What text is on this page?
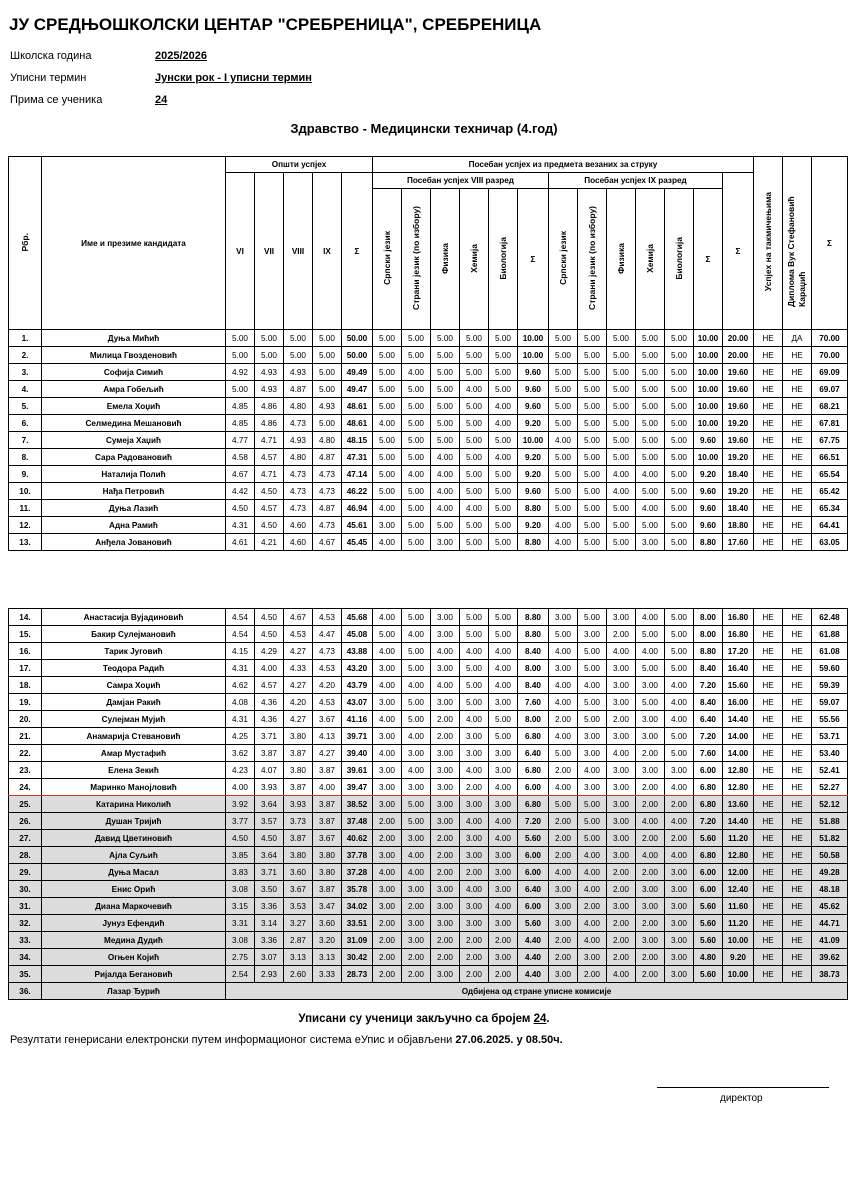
ЈУ СРЕДЊОШКОЛСКИ ЦЕНТАР "СРЕБРЕНИЦА", СРЕБРЕНИЦА
Школска година	2025/2026
Уписни термин	Јунски рок - I уписни термин
Прима се ученика	24
Здравство - Медицински техничар (4.год)
Рбр.	Име и презиме кандидата	Општи успјех					Посебан успјех из предмета везаних за струку													Успјех на такмичењима	Диплома Вук Стефановић Караџић	Σ
		VI	VII	VIII	IX	Σ	Посебан успјех VIII разред						Посебан успјех IX разред						Σ			
							Српски језик	Страни језик (по избору)	Физика	Хемија	Биологија	Σ	Српски језик	Страни језик (по избору)	Физика	Хемија	Биологија	Σ				
1.	Дуња Мићић	5.00	5.00	5.00	5.00	50.00	5.00	5.00	5.00	5.00	5.00	10.00	5.00	5.00	5.00	5.00	5.00	10.00	20.00	НЕ	ДА	70.00
2.	Милица Гвозденовић	5.00	5.00	5.00	5.00	50.00	5.00	5.00	5.00	5.00	5.00	10.00	5.00	5.00	5.00	5.00	5.00	10.00	20.00	НЕ	НЕ	70.00
3.	Софија Симић	4.92	4.93	4.93	5.00	49.49	5.00	4.00	5.00	5.00	5.00	9.60	5.00	5.00	5.00	5.00	5.00	10.00	19.60	НЕ	НЕ	69.09
4.	Амра Гобељић	5.00	4.93	4.87	5.00	49.47	5.00	5.00	5.00	4.00	5.00	9.60	5.00	5.00	5.00	5.00	5.00	10.00	19.60	НЕ	НЕ	69.07
5.	Емела Хоџић	4.85	4.86	4.80	4.93	48.61	5.00	5.00	5.00	5.00	4.00	9.60	5.00	5.00	5.00	5.00	5.00	10.00	19.60	НЕ	НЕ	68.21
6.	Селмедина Мешановић	4.85	4.86	4.73	5.00	48.61	4.00	5.00	5.00	5.00	4.00	9.20	5.00	5.00	5.00	5.00	5.00	10.00	19.20	НЕ	НЕ	67.81
7.	Сумеја Хаџић	4.77	4.71	4.93	4.80	48.15	5.00	5.00	5.00	5.00	5.00	10.00	4.00	5.00	5.00	5.00	5.00	9.60	19.60	НЕ	НЕ	67.75
8.	Сара Радовановић	4.58	4.57	4.80	4.87	47.31	5.00	5.00	4.00	5.00	4.00	9.20	5.00	5.00	5.00	5.00	5.00	10.00	19.20	НЕ	НЕ	66.51
9.	Наталија Полић	4.67	4.71	4.73	4.73	47.14	5.00	4.00	4.00	5.00	5.00	9.20	5.00	5.00	4.00	4.00	5.00	9.20	18.40	НЕ	НЕ	65.54
10.	Нађа Петровић	4.42	4.50	4.73	4.73	46.22	5.00	5.00	4.00	5.00	5.00	9.60	5.00	5.00	4.00	5.00	5.00	9.60	19.20	НЕ	НЕ	65.42
11.	Дуња Лазић	4.50	4.57	4.73	4.87	46.94	4.00	5.00	4.00	4.00	5.00	8.80	5.00	5.00	5.00	4.00	5.00	9.60	18.40	НЕ	НЕ	65.34
12.	Адна Рамић	4.31	4.50	4.60	4.73	45.61	3.00	5.00	5.00	5.00	5.00	9.20	4.00	5.00	5.00	5.00	5.00	9.60	18.80	НЕ	НЕ	64.41
13.	Анђела Јовановић	4.61	4.21	4.60	4.67	45.45	4.00	5.00	3.00	5.00	5.00	8.80	4.00	5.00	5.00	3.00	5.00	8.80	17.60	НЕ	НЕ	63.05
14.	Анастасија Вујадиновић	4.54	4.50	4.67	4.53	45.68	4.00	5.00	3.00	5.00	5.00	8.80	3.00	5.00	3.00	4.00	5.00	8.00	16.80	НЕ	НЕ	62.48
15.	Бакир Сулејмановић	4.54	4.50	4.53	4.47	45.08	5.00	4.00	3.00	5.00	5.00	8.80	5.00	3.00	2.00	5.00	5.00	8.00	16.80	НЕ	НЕ	61.88
16.	Тарик Југовић	4.15	4.29	4.27	4.73	43.88	4.00	5.00	4.00	4.00	4.00	8.40	4.00	5.00	4.00	4.00	5.00	8.80	17.20	НЕ	НЕ	61.08
17.	Теодора Радић	4.31	4.00	4.33	4.53	43.20	3.00	5.00	3.00	5.00	4.00	8.00	3.00	5.00	3.00	5.00	5.00	8.40	16.40	НЕ	НЕ	59.60
18.	Самра Хоџић	4.62	4.57	4.27	4.20	43.79	4.00	4.00	4.00	5.00	4.00	8.40	4.00	4.00	3.00	3.00	4.00	7.20	15.60	НЕ	НЕ	59.39
19.	Дамјан Ракић	4.08	4.36	4.20	4.53	43.07	3.00	5.00	3.00	5.00	3.00	7.60	4.00	5.00	3.00	5.00	4.00	8.40	16.00	НЕ	НЕ	59.07
20.	Сулејман Мујић	4.31	4.36	4.27	3.67	41.16	4.00	5.00	2.00	4.00	5.00	8.00	2.00	5.00	2.00	3.00	4.00	6.40	14.40	НЕ	НЕ	55.56
21.	Анамарија Стевановић	4.25	3.71	3.80	4.13	39.71	3.00	4.00	2.00	3.00	5.00	6.80	4.00	3.00	3.00	3.00	5.00	7.20	14.00	НЕ	НЕ	53.71
22.	Амар Мустафић	3.62	3.87	3.87	4.27	39.40	4.00	3.00	3.00	3.00	3.00	6.40	5.00	3.00	4.00	2.00	5.00	7.60	14.00	НЕ	НЕ	53.40
23.	Елена Зекић	4.23	4.07	3.80	3.87	39.61	3.00	4.00	3.00	4.00	3.00	6.80	2.00	4.00	3.00	3.00	3.00	6.00	12.80	НЕ	НЕ	52.41
24.	Маринко Манојловић	4.00	3.93	3.87	4.00	39.47	3.00	3.00	3.00	2.00	4.00	6.00	4.00	3.00	3.00	2.00	4.00	6.80	12.80	НЕ	НЕ	52.27
25.	Катарина Николић	3.92	3.64	3.93	3.87	38.52	3.00	5.00	3.00	3.00	3.00	6.80	5.00	5.00	3.00	2.00	2.00	6.80	13.60	НЕ	НЕ	52.12
26.	Душан Тријић	3.77	3.57	3.73	3.87	37.48	2.00	5.00	3.00	4.00	4.00	7.20	2.00	5.00	3.00	4.00	4.00	7.20	14.40	НЕ	НЕ	51.88
27.	Давид Цветиновић	4.50	4.50	3.87	3.67	40.62	2.00	3.00	2.00	3.00	4.00	5.60	2.00	5.00	3.00	2.00	2.00	5.60	11.20	НЕ	НЕ	51.82
28.	Ајла Суљић	3.85	3.64	3.80	3.80	37.78	3.00	4.00	2.00	3.00	3.00	6.00	2.00	4.00	3.00	4.00	4.00	6.80	12.80	НЕ	НЕ	50.58
29.	Дуња Масал	3.83	3.71	3.60	3.80	37.28	4.00	4.00	2.00	2.00	3.00	6.00	4.00	4.00	2.00	2.00	3.00	6.00	12.00	НЕ	НЕ	49.28
30.	Енис Орић	3.08	3.50	3.67	3.87	35.78	3.00	3.00	3.00	4.00	3.00	6.40	3.00	4.00	2.00	3.00	3.00	6.00	12.40	НЕ	НЕ	48.18
31.	Диана Маркочевић	3.15	3.36	3.53	3.47	34.02	3.00	2.00	3.00	3.00	4.00	6.00	3.00	2.00	3.00	3.00	3.00	5.60	11.60	НЕ	НЕ	45.62
32.	Јунуз Ефендић	3.31	3.14	3.27	3.60	33.51	2.00	3.00	3.00	3.00	3.00	5.60	3.00	4.00	2.00	2.00	3.00	5.60	11.20	НЕ	НЕ	44.71
33.	Медина Дудић	3.08	3.36	2.87	3.20	31.09	2.00	3.00	2.00	2.00	2.00	4.40	2.00	4.00	2.00	3.00	3.00	5.60	10.00	НЕ	НЕ	41.09
34.	Огњен Којић	2.75	3.07	3.13	3.13	30.42	2.00	2.00	2.00	2.00	3.00	4.40	2.00	3.00	2.00	2.00	3.00	4.80	9.20	НЕ	НЕ	39.62
35.	Ријалда Бегановић	2.54	2.93	2.60	3.33	28.73	2.00	2.00	3.00	2.00	2.00	4.40	3.00	2.00	4.00	2.00	3.00	5.60	10.00	НЕ	НЕ	38.73
36.	Лазар Ђурић	Одбијена од стране уписне комисије																				
Уписани су ученици закључно са бројем 24.
Резултати генерисани електронски путем информационог система еУпис и објављени 27.06.2025. у 08.50ч.
директор
